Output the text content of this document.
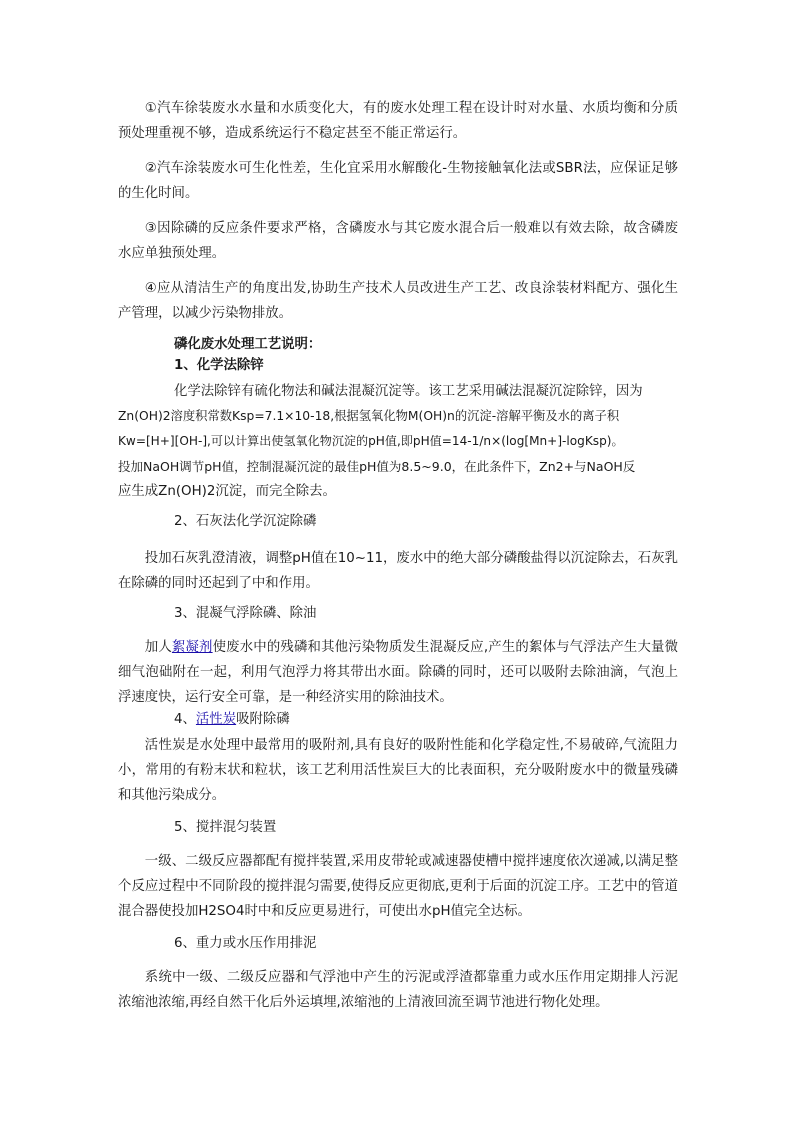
①汽车徐装废水水量和水质变化大，有的废水处理工程在设计时对水量、水质均衡和分质预处理重视不够，造成系统运行不稳定甚至不能正常运行。

②汽车涂装废水可生化性差，生化宜采用水解酸化-生物接触氧化法或SBR法，应保证足够的生化时间。

③因除磷的反应条件要求严格，含磷废水与其它废水混合后一般难以有效去除，故含磷废水应单独预处理。

④应从清洁生产的角度出发,协助生产技术人员改进生产工艺、改良涂装材料配方、强化生产管理，以减少污染物排放。

磷化废水处理工艺说明：

1、化学法除锌

化学法除锌有硫化物法和碱法混凝沉淀等。该工艺采用碱法混凝沉淀除锌，因为

Zn(OH)2溶度积常数Ksp=7.1×10-18,根据氢氧化物M(OH)n的沉淀-溶解平衡及水的离子积

Kw=[H+][OH-],可以计算出使氢氧化物沉淀的pH值,即pH值=14-1/n×(log[Mn+]-logKsp)。

投加NaOH调节pH值，控制混凝沉淀的最佳pH值为8.5~9.0，在此条件下，Zn2+与NaOH反

应生成Zn(OH)2沉淀，而完全除去。

2、石灰法化学沉淀除磷

投加石灰乳澄清液，调整pH值在10~11，废水中的绝大部分磷酸盐得以沉淀除去，石灰乳在除磷的同时还起到了中和作用。

3、混凝气浮除磷、除油

加人絮凝剂使废水中的残磷和其他污染物质发生混凝反应,产生的絮体与气浮法产生大量微细气泡础附在一起，利用气泡浮力将其带出水面。除磷的同时，还可以吸附去除油滴，气泡上浮速度快，运行安全可靠，是一种经济实用的除油技术。

4、活性炭吸附除磷

活性炭是水处理中最常用的吸附剂,具有良好的吸附性能和化学稳定性,不易破碎,气流阻力小，常用的有粉末状和粒状，该工艺利用活性炭巨大的比表面积，充分吸附废水中的微量残磷和其他污染成分。

5、搅拌混匀装置

一级、二级反应器都配有搅拌装置,采用皮带轮或减速器使槽中搅拌速度依次递减,以满足整个反应过程中不同阶段的搅拌混匀需要,使得反应更彻底,更利于后面的沉淀工序。工艺中的管道混合器使投加H2SO4时中和反应更易进行，可使出水pH值完全达标。

6、重力或水压作用排泥

系统中一级、二级反应器和气浮池中产生的污泥或浮渣都靠重力或水压作用定期排人污泥浓缩池浓缩,再经自然干化后外运填埋,浓缩池的上清液回流至调节池进行物化处理。
